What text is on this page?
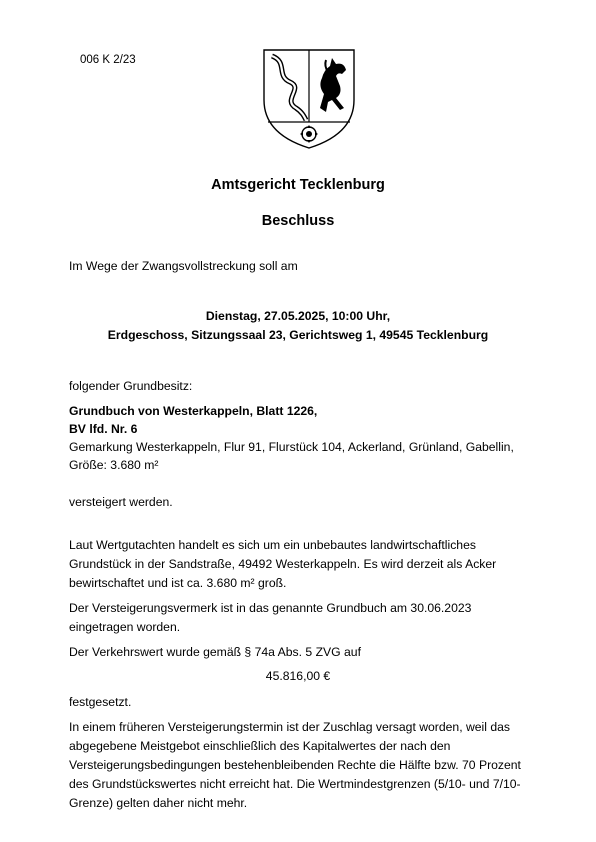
006 K 2/23
Amtsgericht Tecklenburg
Beschluss
Im Wege der Zwangsvollstreckung soll am
Dienstag, 27.05.2025, 10:00 Uhr,
Erdgeschoss, Sitzungssaal 23, Gerichtsweg 1, 49545 Tecklenburg
folgender Grundbesitz:
Grundbuch von Westerkappeln, Blatt 1226,
BV lfd. Nr. 6
Gemarkung Westerkappeln, Flur 91, Flurstück 104, Ackerland, Grünland, Gabellin,
Größe: 3.680 m²
versteigert werden.
Laut Wertgutachten handelt es sich um ein unbebautes landwirtschaftliches
Grundstück in der Sandstraße, 49492 Westerkappeln. Es wird derzeit als Acker
bewirtschaftet und ist ca. 3.680 m² groß.
Der Versteigerungsvermerk ist in das genannte Grundbuch am 30.06.2023
eingetragen worden.
Der Verkehrswert wurde gemäß § 74a Abs. 5 ZVG auf
45.816,00 €
festgesetzt.
In einem früheren Versteigerungstermin ist der Zuschlag versagt worden, weil das
abgegebene Meistgebot einschließlich des Kapitalwertes der nach den
Versteigerungsbedingungen bestehenbleibenden Rechte die Hälfte bzw. 70 Prozent
des Grundstückswertes nicht erreicht hat. Die Wertmindestgrenzen (5/10- und 7/10-
Grenze) gelten daher nicht mehr.
